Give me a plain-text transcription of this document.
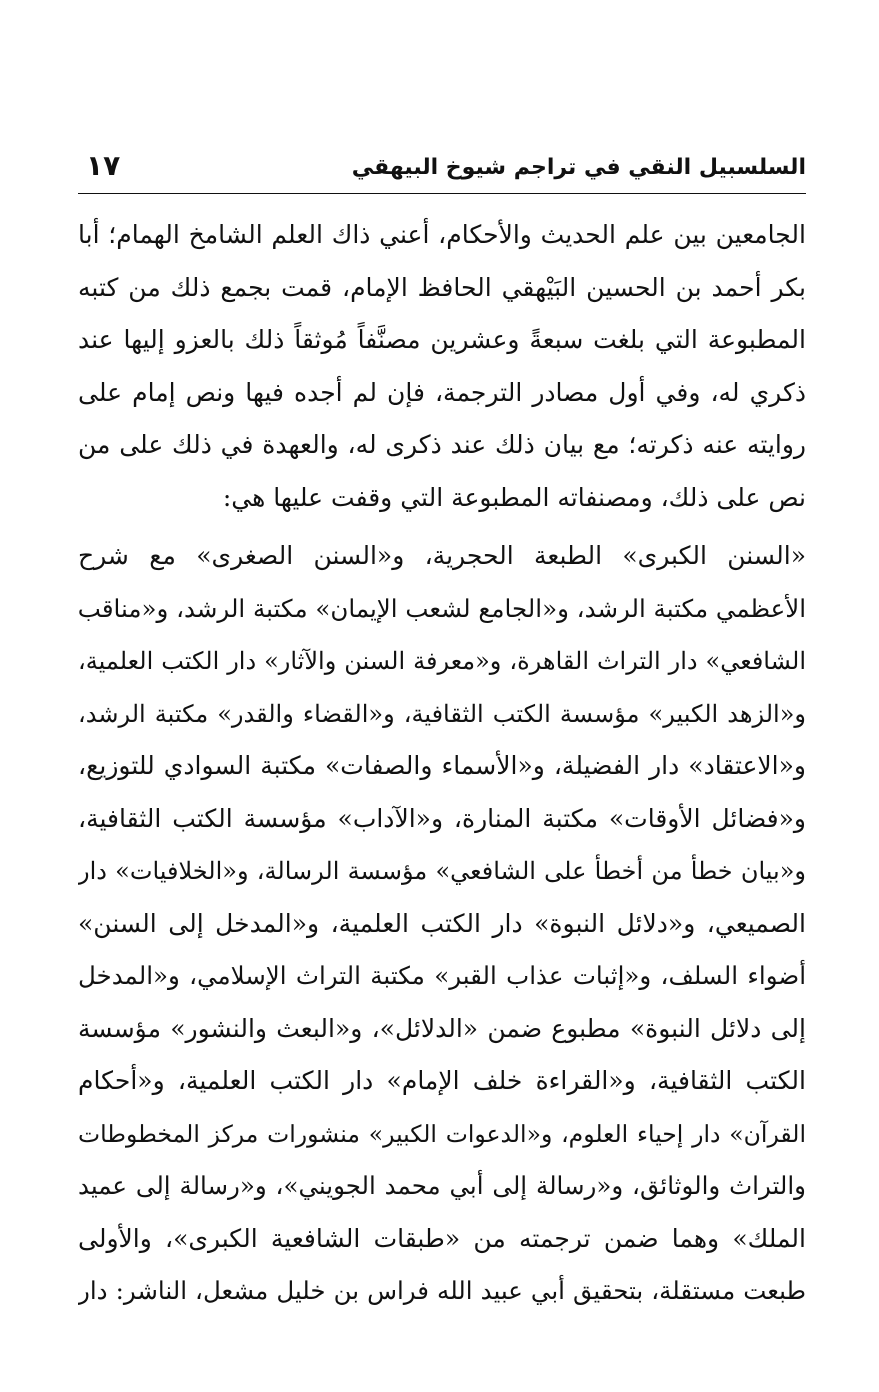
السلسبيل النقي في تراجم شيوخ البيهقي
١٧
الجامعين بين علم الحديث والأحكام، أعني ذاك العلم الشامخ الهمام؛ أبا
بكر أحمد بن الحسين البَيْهقي الحافظ الإمام، قمت بجمع ذلك من كتبه
المطبوعة التي بلغت سبعةً وعشرين مصنَّفاً مُوثقاً ذلك بالعزو إليها عند
ذكري له، وفي أول مصادر الترجمة، فإن لم أجده فيها ونص إمام على
روايته عنه ذكرته؛ مع بيان ذلك عند ذكرى له، والعهدة في ذلك على من
نص على ذلك، ومصنفاته المطبوعة التي وقفت عليها هي:
«السنن الكبرى» الطبعة الحجرية، و«السنن الصغرى» مع شرح
الأعظمي مكتبة الرشد، و«الجامع لشعب الإيمان» مكتبة الرشد، و«مناقب
الشافعي» دار التراث القاهرة، و«معرفة السنن والآثار» دار الكتب العلمية،
و«الزهد الكبير» مؤسسة الكتب الثقافية، و«القضاء والقدر» مكتبة الرشد،
و«الاعتقاد» دار الفضيلة، و«الأسماء والصفات» مكتبة السوادي للتوزيع،
و«فضائل الأوقات» مكتبة المنارة، و«الآداب» مؤسسة الكتب الثقافية،
و«بيان خطأ من أخطأ على الشافعي» مؤسسة الرسالة، و«الخلافيات» دار
الصميعي، و«دلائل النبوة» دار الكتب العلمية، و«المدخل إلى السنن»
أضواء السلف، و«إثبات عذاب القبر» مكتبة التراث الإسلامي، و«المدخل
إلى دلائل النبوة» مطبوع ضمن «الدلائل»، و«البعث والنشور» مؤسسة
الكتب الثقافية، و«القراءة خلف الإمام» دار الكتب العلمية، و«أحكام
القرآن» دار إحياء العلوم، و«الدعوات الكبير» منشورات مركز المخطوطات
والتراث والوثائق، و«رسالة إلى أبي محمد الجويني»، و«رسالة إلى عميد
الملك» وهما ضمن ترجمته من «طبقات الشافعية الكبرى»، والأولى
طبعت مستقلة، بتحقيق أبي عبيد الله فراس بن خليل مشعل، الناشر: دار
